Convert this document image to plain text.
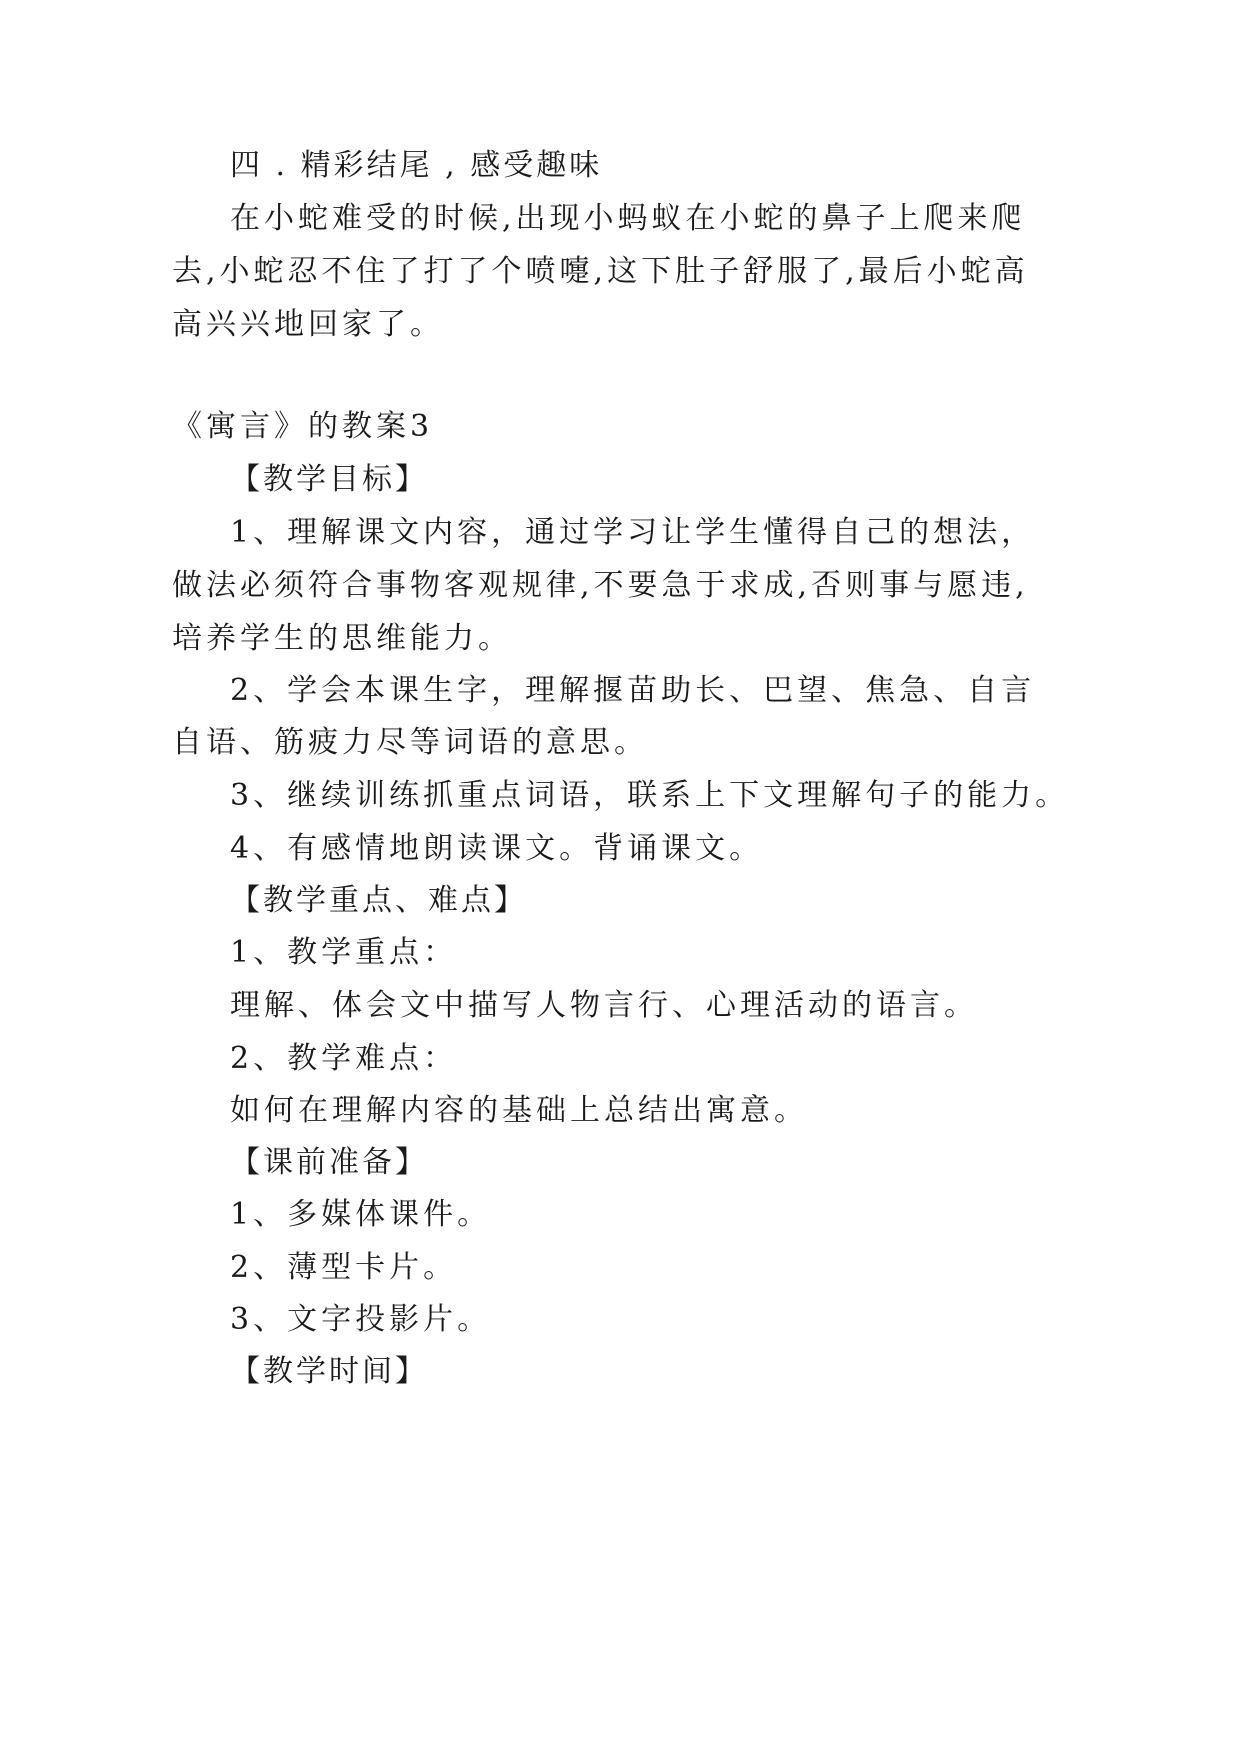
四 . 精彩结尾 , 感受趣味
在小蛇难受的时候,出现小蚂蚁在小蛇的鼻子上爬来爬
去,小蛇忍不住了打了个喷嚏,这下肚子舒服了,最后小蛇高
高兴兴地回家了。
《寓言》的教案3
【教学目标】
1、理解课文内容，通过学习让学生懂得自己的想法，
做法必须符合事物客观规律,不要急于求成,否则事与愿违,
培养学生的思维能力。
2、学会本课生字，理解揠苗助长、巴望、焦急、自言
自语、筋疲力尽等词语的意思。
3、继续训练抓重点词语，联系上下文理解句子的能力。
4、有感情地朗读课文。背诵课文。
【教学重点、难点】
1、教学重点：
理解、体会文中描写人物言行、心理活动的语言。
2、教学难点：
如何在理解内容的基础上总结出寓意。
【课前准备】
1、多媒体课件。
2、薄型卡片。
3、文字投影片。
【教学时间】
